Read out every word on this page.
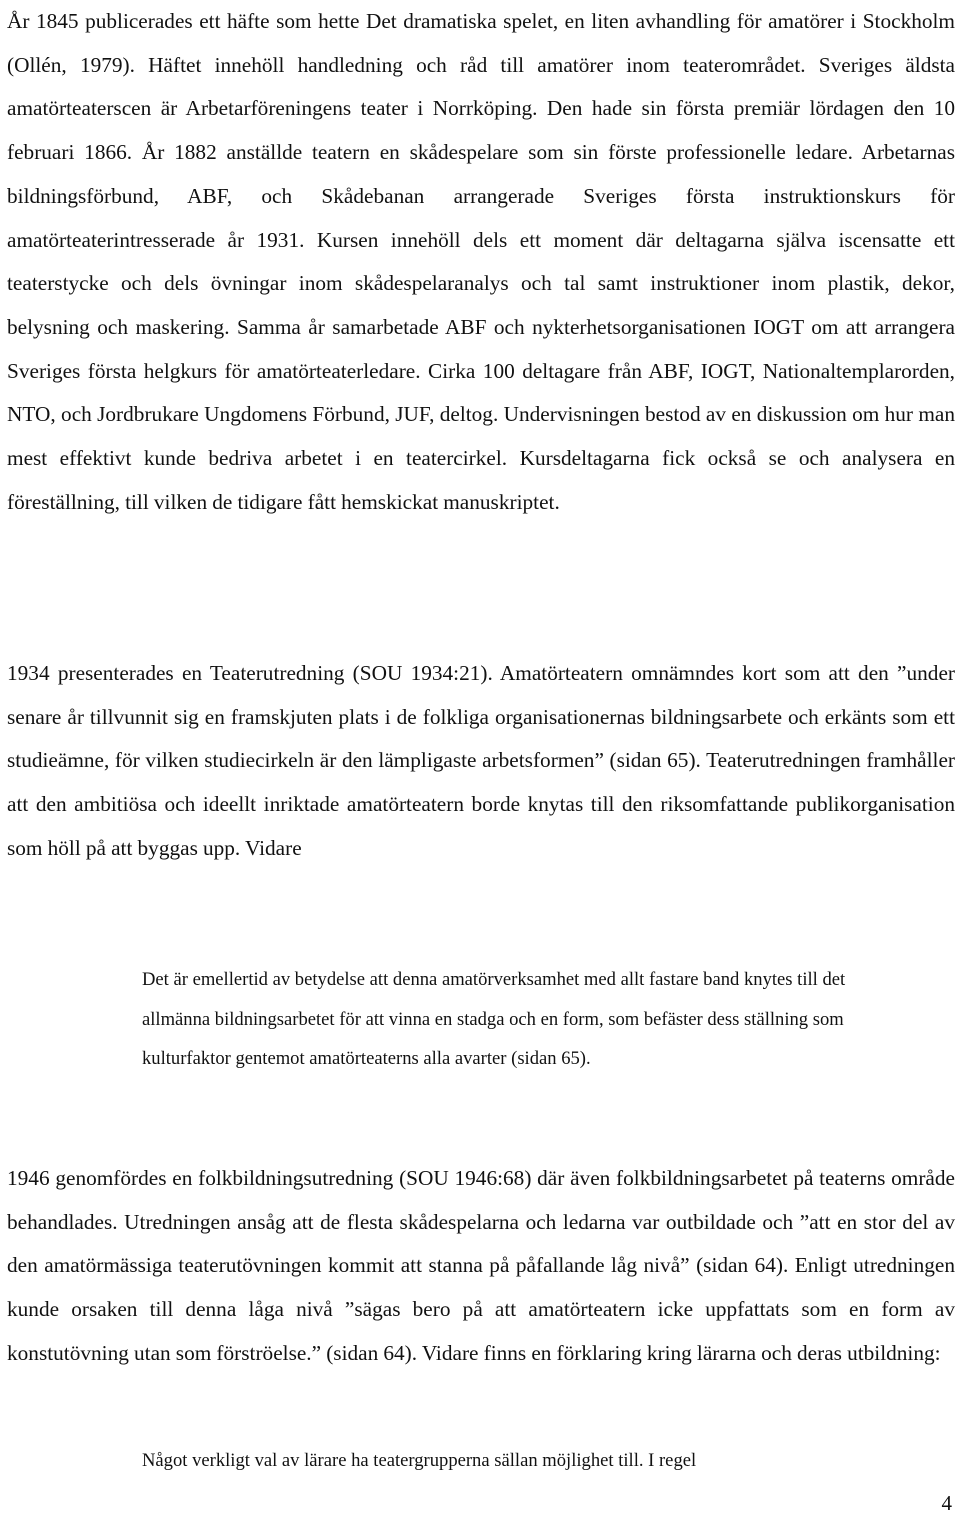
År 1845 publicerades ett häfte som hette Det dramatiska spelet, en liten avhandling för amatörer i Stockholm (Ollén, 1979). Häftet innehöll handledning och råd till amatörer inom teaterområdet. Sveriges äldsta amatörteaterscen är Arbetarföreningens teater i Norrköping. Den hade sin första premiär lördagen den 10 februari 1866. År 1882 anställde teatern en skådespelare som sin förste professionelle ledare. Arbetarnas bildningsförbund, ABF, och Skådebanan arrangerade Sveriges första instruktionskurs för amatörteaterintresserade år 1931. Kursen innehöll dels ett moment där deltagarna själva iscensatte ett teaterstycke och dels övningar inom skådespelaranalys och tal samt instruktioner inom plastik, dekor, belysning och maskering. Samma år samarbetade ABF och nykterhetsorganisationen IOGT om att arrangera Sveriges första helgkurs för amatörteaterledare. Cirka 100 deltagare från ABF, IOGT, Nationaltemplarorden, NTO, och Jordbrukare Ungdomens Förbund, JUF, deltog. Undervisningen bestod av en diskussion om hur man mest effektivt kunde bedriva arbetet i en teatercirkel. Kursdeltagarna fick också se och analysera en föreställning, till vilken de tidigare fått hemskickat manuskriptet.

1934 presenterades en Teaterutredning (SOU 1934:21). Amatörteatern omnämndes kort som att den ”under senare år tillvunnit sig en framskjuten plats i de folkliga organisationernas bildningsarbete och erkänts som ett studieämne, för vilken studiecirkeln är den lämpligaste arbetsformen” (sidan 65). Teaterutredningen framhåller att den ambitiösa och ideellt inriktade amatörteatern borde knytas till den riksomfattande publikorganisation som höll på att byggas upp. Vidare

Det är emellertid av betydelse att denna amatörverksamhet med allt fastare band knytes till det allmänna bildningsarbetet för att vinna en stadga och en form, som befäster dess ställning som kulturfaktor gentemot amatörteaterns alla avarter (sidan 65).

1946 genomfördes en folkbildningsutredning (SOU 1946:68) där även folkbildningsarbetet på teaterns område behandlades. Utredningen ansåg att de flesta skådespelarna och ledarna var outbildade och ”att en stor del av den amatörmässiga teaterutövningen kommit att stanna på påfallande låg nivå” (sidan 64). Enligt utredningen kunde orsaken till denna låga nivå ”sägas bero på att amatörteatern icke uppfattats som en form av konstutövning utan som förströelse.” (sidan 64). Vidare finns en förklaring kring lärarna och deras utbildning:

Något verkligt val av lärare ha teatergrupperna sällan möjlighet till. I regel

4
